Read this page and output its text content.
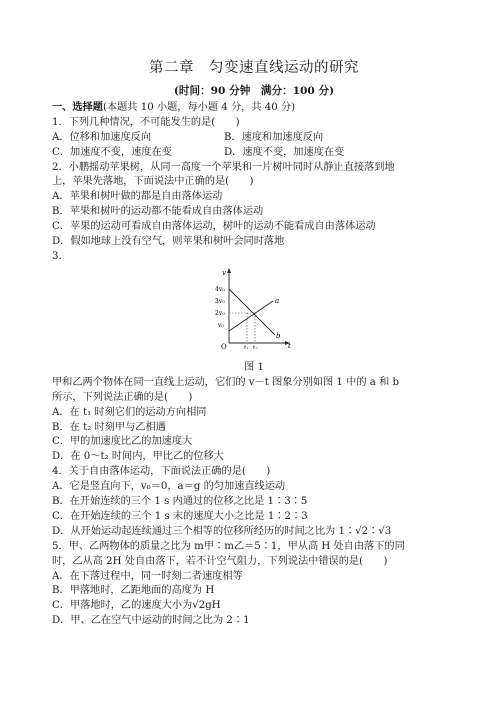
第二章　匀变速直线运动的研究
(时间：90 分钟　满分：100 分)
一、选择题(本题共 10 小题，每小题 4 分，共 40 分)
1．下列几种情况，不可能发生的是(　　)
A．位移和加速度反向	B．速度和加速度反向
C．加速度不变，速度在变	D．速度不变，加速度在变
2．小鹏摇动苹果树，从同一高度一个苹果和一片树叶同时从静止直接落到地
上，苹果先落地，下面说法中正确的是(　　)
A．苹果和树叶做的都是自由落体运动
B．苹果和树叶的运动都不能看成自由落体运动
C．苹果的运动可看成自由落体运动，树叶的运动不能看成自由落体运动
D．假如地球上没有空气，则苹果和树叶会同时落地
3.
v
t
O
4v₀
3v₀
2v₀
v₀
a
b
t₁ t₂
图 1
甲和乙两个物体在同一直线上运动，它们的 v－t 图象分别如图 1 中的 a 和 b
所示，下列说法正确的是(　　)
A．在 t₁ 时刻它们的运动方向相同
B．在 t₂ 时刻甲与乙相遇
C．甲的加速度比乙的加速度大
D．在 0～t₂ 时间内，甲比乙的位移大
4．关于自由落体运动，下面说法正确的是(　　)
A．它是竖直向下，v₀＝0，a＝g 的匀加速直线运动
B．在开始连续的三个 1 s 内通过的位移之比是 1∶3∶5
C．在开始连续的三个 1 s 末的速度大小之比是 1∶2∶3
D．从开始运动起连续通过三个相等的位移所经历的时间之比为 1∶√2∶√3
5．甲、乙两物体的质量之比为 m甲∶m乙＝5∶1，甲从高 H 处自由落下的同
时，乙从高 2H 处自由落下，若不计空气阻力，下列说法中错误的是(　　)
A．在下落过程中，同一时刻二者速度相等
B．甲落地时，乙距地面的高度为 H
C．甲落地时，乙的速度大小为√2gH
D．甲、乙在空气中运动的时间之比为 2∶1
